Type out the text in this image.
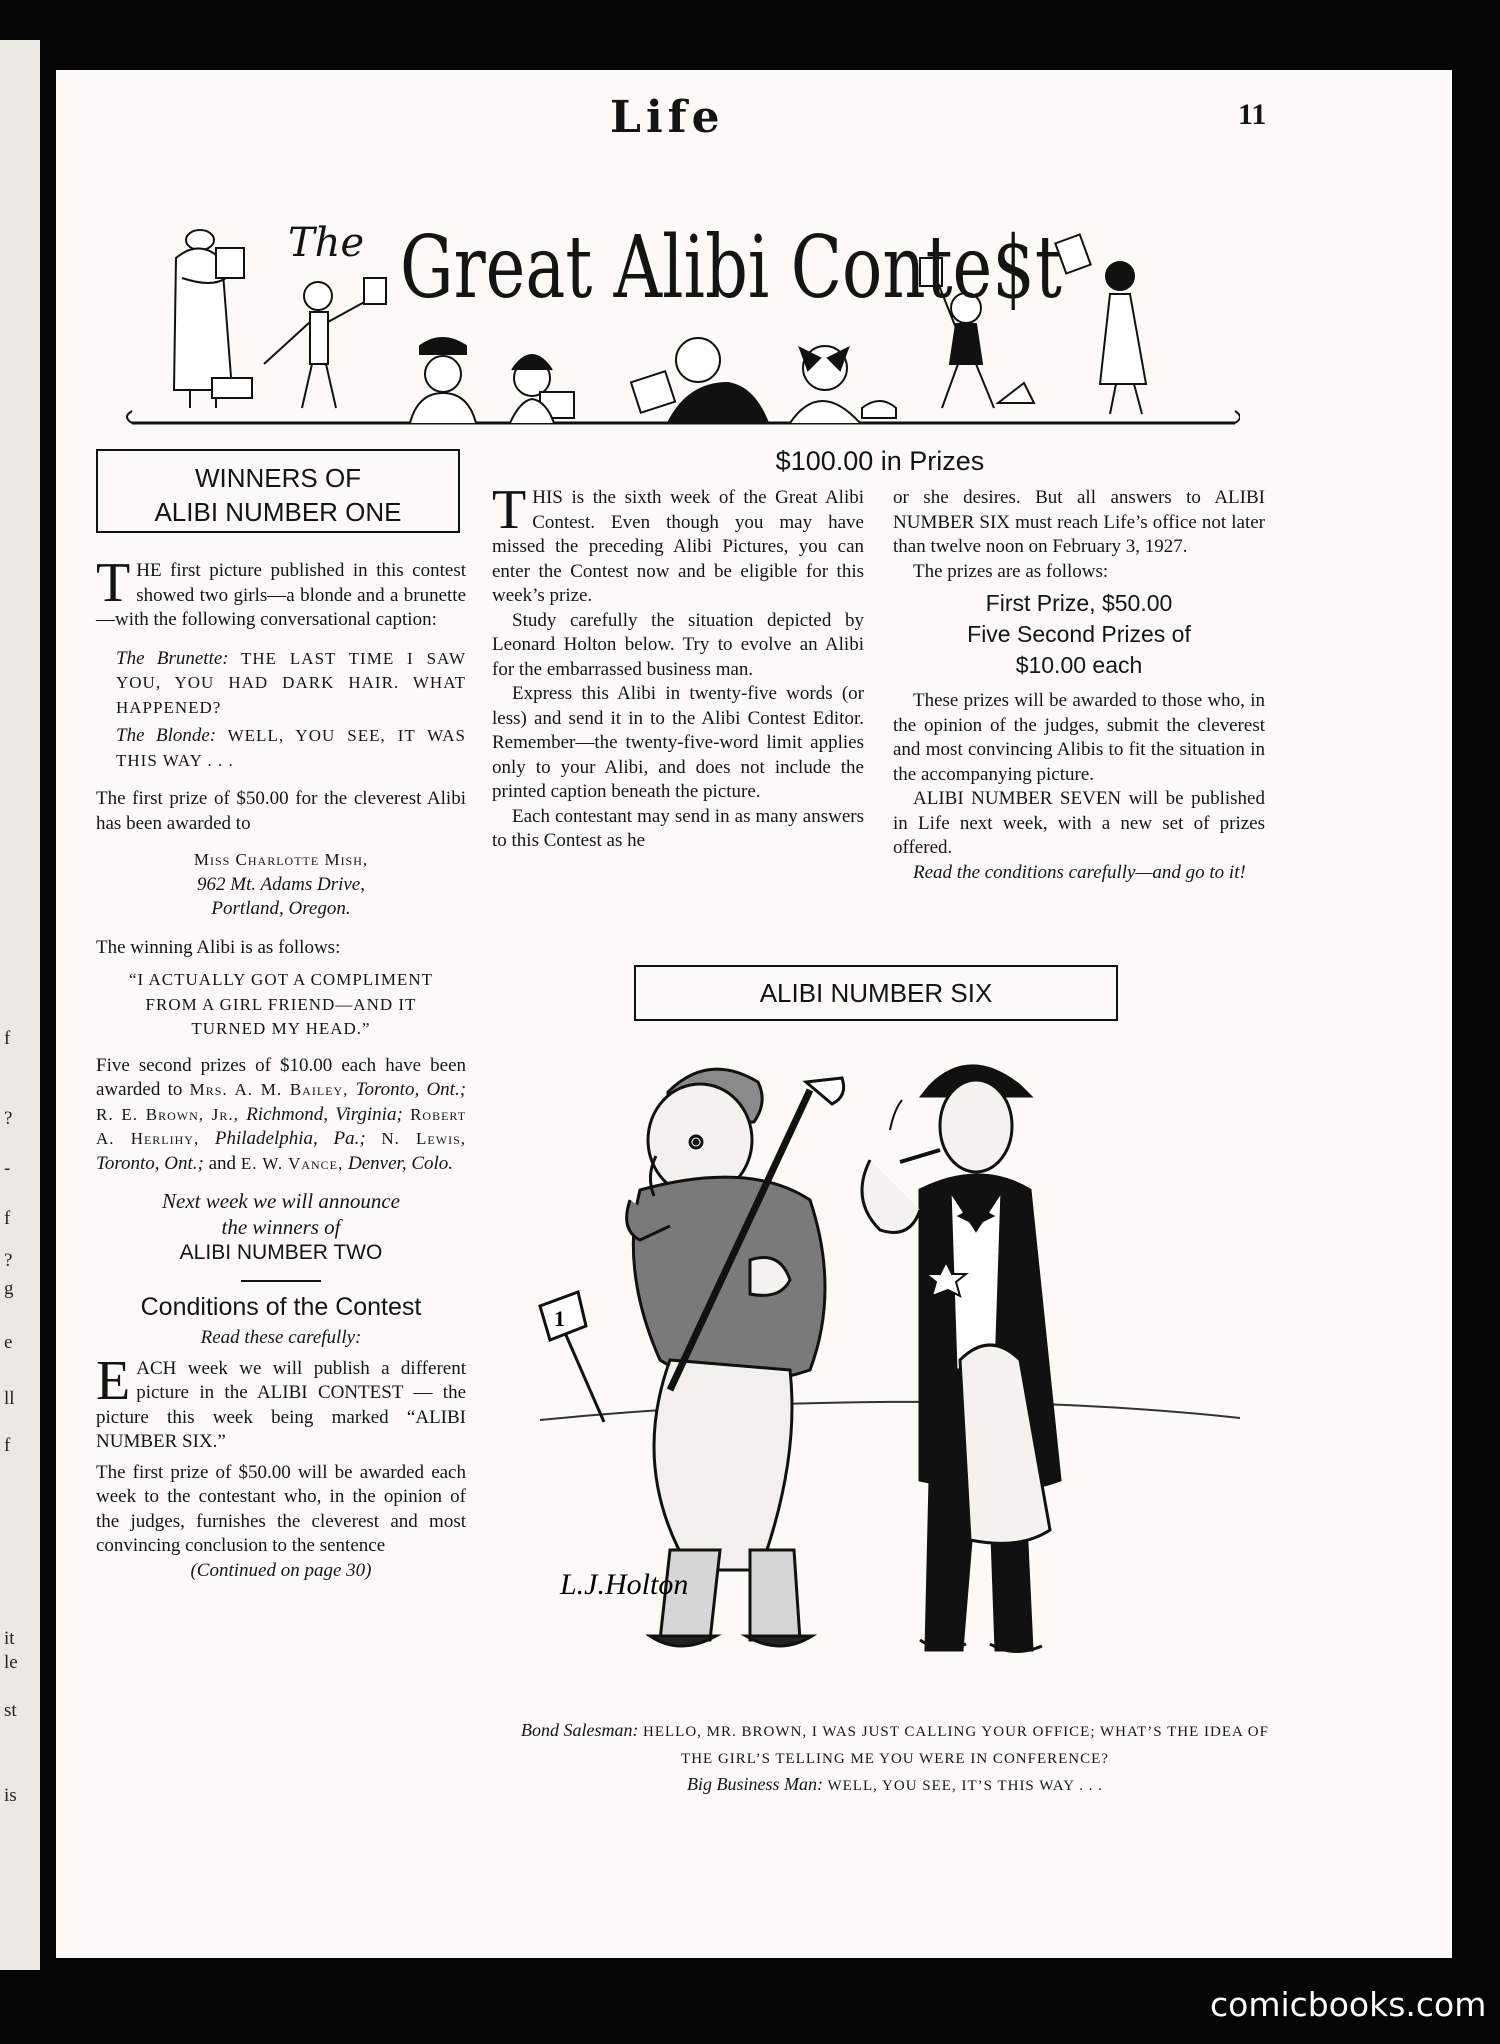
f
?
-
f
?
g
e
ll
f
it
le
st
is
Life	11
The Great Alibi Conte$t
WINNERS OF
ALIBI NUMBER ONE

THE first picture published in this contest showed two girls—a blonde and a brunette—with the following conversational caption:

The Brunette: THE LAST TIME I SAW YOU, YOU HAD DARK HAIR. WHAT HAPPENED?

The Blonde: WELL, YOU SEE, IT WAS THIS WAY . . .

The first prize of $50.00 for the cleverest Alibi has been awarded to

Miss Charlotte Mish,
962 Mt. Adams Drive,
Portland, Oregon.

The winning Alibi is as follows:

“I ACTUALLY GOT A COMPLIMENT FROM A GIRL FRIEND—AND IT TURNED MY HEAD.”

Five second prizes of $10.00 each have been awarded to Mrs. A. M. Bailey, Toronto, Ont.; R. E. Brown, Jr., Richmond, Virginia; Robert A. Herlihy, Philadelphia, Pa.; N. Lewis, Toronto, Ont.; and E. W. Vance, Denver, Colo.

Next week we will announce
the winners of
ALIBI NUMBER TWO
Conditions of the Contest
Read these carefully:

EACH week we will publish a different picture in the ALIBI CONTEST — the picture this week being marked “ALIBI NUMBER SIX.”

The first prize of $50.00 will be awarded each week to the contestant who, in the opinion of the judges, furnishes the cleverest and most convincing conclusion to the sentence

(Continued on page 30)
$100.00 in Prizes

THIS is the sixth week of the Great Alibi Contest. Even though you may have missed the preceding Alibi Pictures, you can enter the Contest now and be eligible for this week’s prize.

Study carefully the situation depicted by Leonard Holton below. Try to evolve an Alibi for the embarrassed business man.

Express this Alibi in twenty-five words (or less) and send it in to the Alibi Contest Editor. Remember—the twenty-five-word limit applies only to your Alibi, and does not include the printed caption beneath the picture.

Each contestant may send in as many answers to this Contest as he

or she desires. But all answers to ALIBI NUMBER SIX must reach Life’s office not later than twelve noon on February 3, 1927.

The prizes are as follows:

First Prize, $50.00
Five Second Prizes of
$10.00 each

These prizes will be awarded to those who, in the opinion of the judges, submit the cleverest and most convincing Alibis to fit the situation in the accompanying picture.

ALIBI NUMBER SEVEN will be published in Life next week, with a new set of prizes offered.

Read the conditions carefully—and go to it!

ALIBI NUMBER SIX
1
L.J.Holton
Bond Salesman: HELLO, MR. BROWN, I WAS JUST CALLING YOUR OFFICE; WHAT’S THE IDEA OF THE GIRL’S TELLING ME YOU WERE IN CONFERENCE?
Big Business Man: WELL, YOU SEE, IT’S THIS WAY . . .
comicbooks.com
